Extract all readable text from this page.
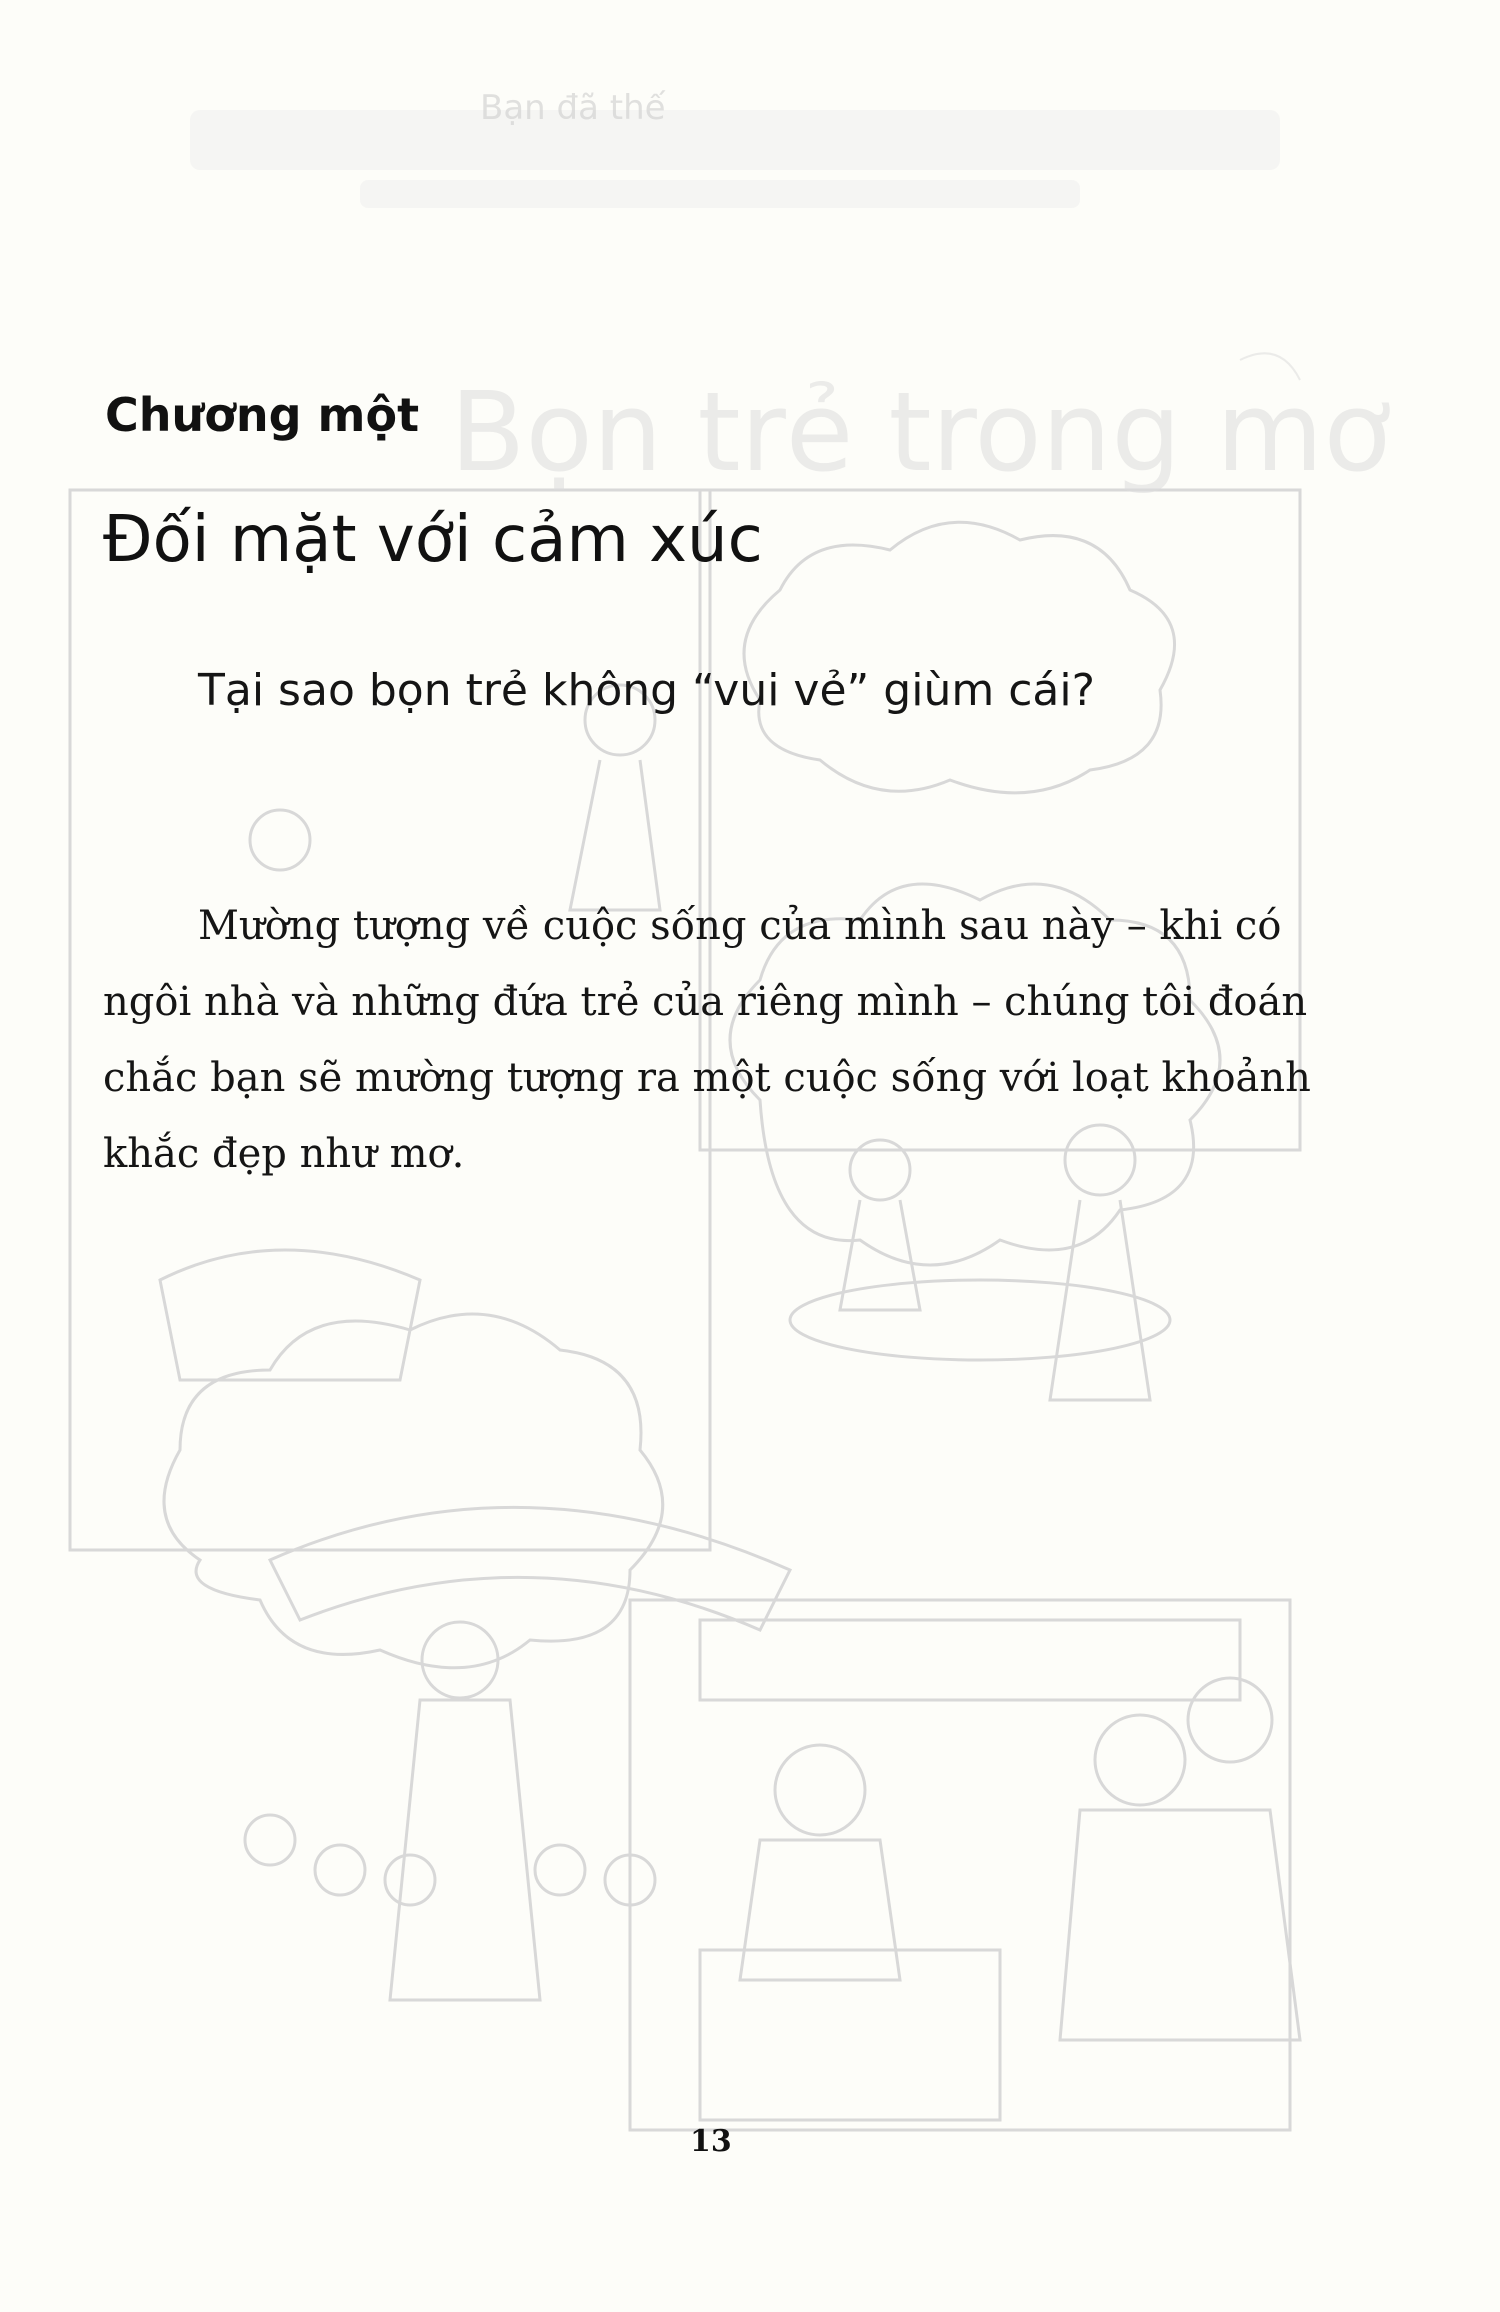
Bọn trẻ trong mơ
Bạn đã thế
Chương một
Đối mặt với cảm xúc
Tại sao bọn trẻ không “vui vẻ” giùm cái?

Mường tượng về cuộc sống của mình sau này – khi có ngôi nhà và những đứa trẻ của riêng mình – chúng tôi đoán chắc bạn sẽ mường tượng ra một cuộc sống với loạt khoảnh khắc đẹp như mơ.

13
